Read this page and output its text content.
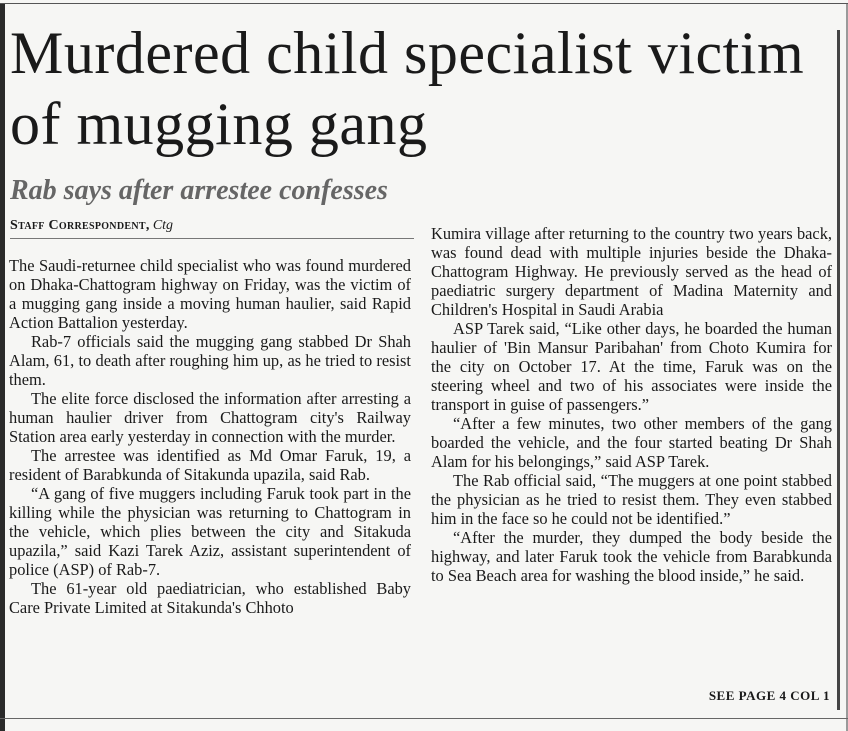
Murdered child specialist victim of mugging gang
Rab says after arrestee confesses
Staff Correspondent, Ctg

The Saudi-returnee child specialist who was found murdered on Dhaka-Chattogram highway on Friday, was the victim of a mugging gang inside a moving human haulier, said Rapid Action Battalion yesterday.

Rab-7 officials said the mugging gang stabbed Dr Shah Alam, 61, to death after roughing him up, as he tried to resist them.

The elite force disclosed the information after arresting a human haulier driver from Chattogram city's Railway Station area early yesterday in connection with the murder.

The arrestee was identified as Md Omar Faruk, 19, a resident of Barabkunda of Sitakunda upazila, said Rab.

“A gang of five muggers including Faruk took part in the killing while the physician was returning to Chattogram in the vehicle, which plies between the city and Sitakuda upazila,” said Kazi Tarek Aziz, assistant superintendent of police (ASP) of Rab-7.

The 61-year old paediatrician, who established Baby Care Private Limited at Sitakunda's Chhoto

Kumira village after returning to the country two years back, was found dead with multiple injuries beside the Dhaka-Chattogram Highway. He previously served as the head of paediatric surgery department of Madina Maternity and Children's Hospital in Saudi Arabia

ASP Tarek said, “Like other days, he boarded the human haulier of 'Bin Mansur Paribahan' from Choto Kumira for the city on October 17. At the time, Faruk was on the steering wheel and two of his associates were inside the transport in guise of passengers.”

“After a few minutes, two other members of the gang boarded the vehicle, and the four started beating Dr Shah Alam for his belongings,” said ASP Tarek.

The Rab official said, “The muggers at one point stabbed the physician as he tried to resist them. They even stabbed him in the face so he could not be identified.”

“After the murder, they dumped the body beside the highway, and later Faruk took the vehicle from Barabkunda to Sea Beach area for washing the blood inside,” he said.

SEE PAGE 4 COL 1
